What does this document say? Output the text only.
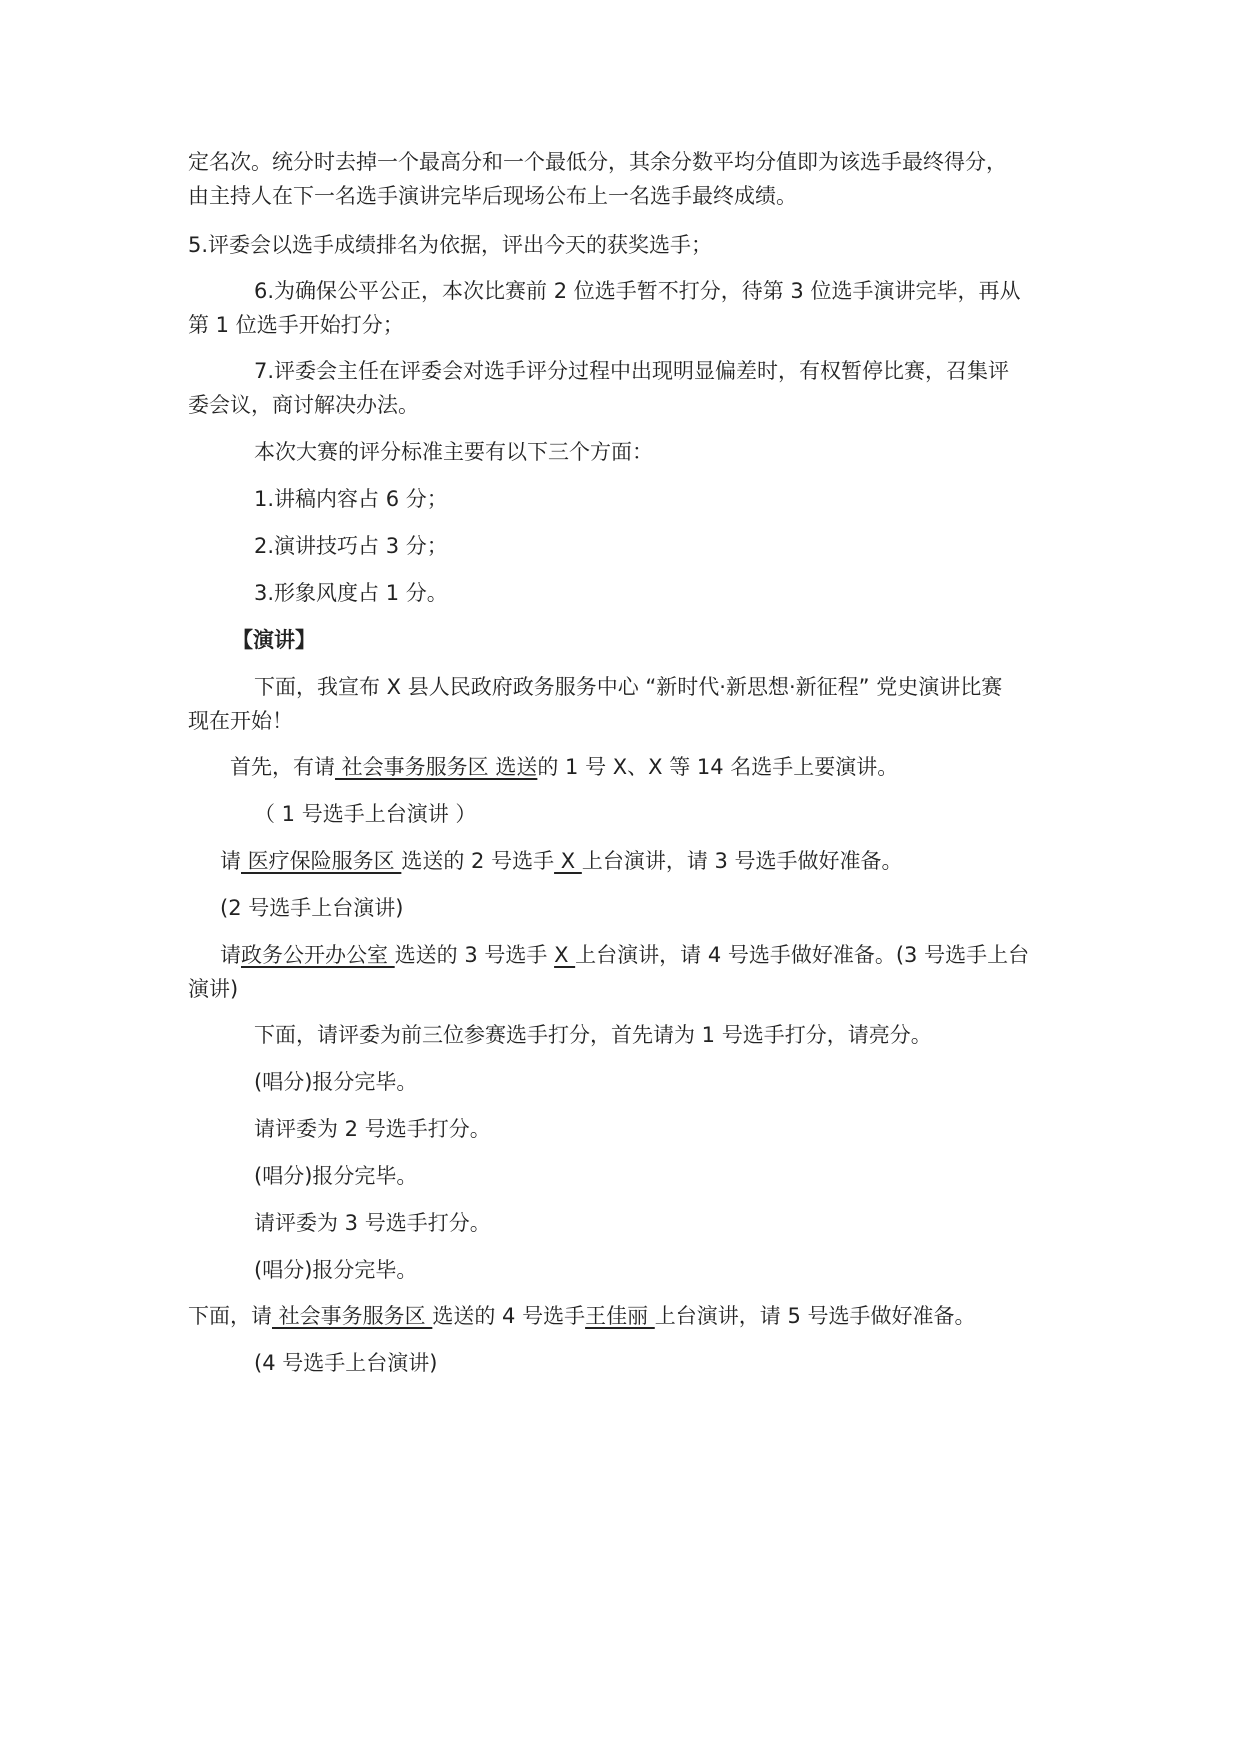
定名次。统分时去掉一个最高分和一个最低分，其余分数平均分值即为该选手最终得分，
由主持人在下一名选手演讲完毕后现场公布上一名选手最终成绩。
5.评委会以选手成绩排名为依据，评出今天的获奖选手；
6.为确保公平公正，本次比赛前 2 位选手暂不打分，待第 3 位选手演讲完毕，再从
第 1 位选手开始打分；
7.评委会主任在评委会对选手评分过程中出现明显偏差时，有权暂停比赛，召集评
委会议，商讨解决办法。
本次大赛的评分标准主要有以下三个方面：
1.讲稿内容占 6 分；
2.演讲技巧占 3 分；
3.形象风度占 1 分。
【演讲】
下面，我宣布 X 县人民政府政务服务中心 “新时代·新思想·新征程” 党史演讲比赛
现在开始！
首先，有请 社会事务服务区 选送的 1 号 X、X 等 14 名选手上要演讲。
（ 1 号选手上台演讲 ）
请 医疗保险服务区 选送的 2 号选手 X 上台演讲，请 3 号选手做好准备。
(2 号选手上台演讲)
请政务公开办公室 选送的 3 号选手 X 上台演讲，请 4 号选手做好准备。(3 号选手上台
演讲)
下面，请评委为前三位参赛选手打分，首先请为 1 号选手打分，请亮分。
(唱分)报分完毕。
请评委为 2 号选手打分。
(唱分)报分完毕。
请评委为 3 号选手打分。
(唱分)报分完毕。
下面，请 社会事务服务区 选送的 4 号选手王佳丽 上台演讲，请 5 号选手做好准备。
(4 号选手上台演讲)
